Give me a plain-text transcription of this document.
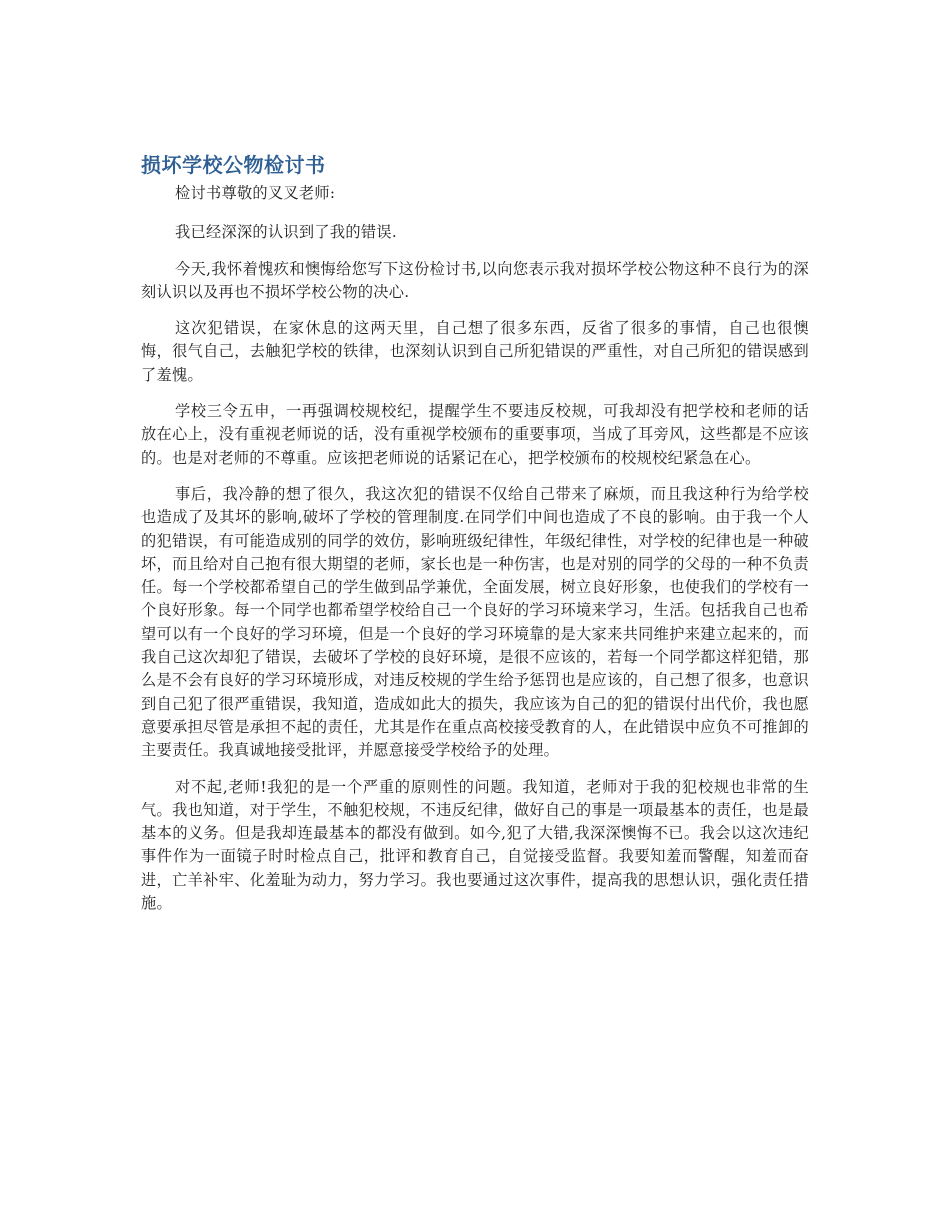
损坏学校公物检讨书

检讨书尊敬的叉叉老师:

我已经深深的认识到了我的错误.

今天,我怀着愧疚和懊悔给您写下这份检讨书,以向您表示我对损坏学校公物这种不良行为的深刻认识以及再也不损坏学校公物的决心.

这次犯错误，在家休息的这两天里，自己想了很多东西，反省了很多的事情，自己也很懊悔，很气自己，去触犯学校的铁律，也深刻认识到自己所犯错误的严重性，对自己所犯的错误感到了羞愧。

学校三令五申，一再强调校规校纪，提醒学生不要违反校规，可我却没有把学校和老师的话放在心上，没有重视老师说的话，没有重视学校颁布的重要事项，当成了耳旁风，这些都是不应该的。也是对老师的不尊重。应该把老师说的话紧记在心，把学校颁布的校规校纪紧急在心。

事后，我冷静的想了很久，我这次犯的错误不仅给自己带来了麻烦，而且我这种行为给学校也造成了及其坏的影响,破坏了学校的管理制度.在同学们中间也造成了不良的影响。由于我一个人的犯错误，有可能造成别的同学的效仿，影响班级纪律性，年级纪律性，对学校的纪律也是一种破坏，而且给对自己抱有很大期望的老师，家长也是一种伤害，也是对别的同学的父母的一种不负责任。每一个学校都希望自己的学生做到品学兼优，全面发展，树立良好形象，也使我们的学校有一个良好形象。每一个同学也都希望学校给自己一个良好的学习环境来学习，生活。包括我自己也希望可以有一个良好的学习环境，但是一个良好的学习环境靠的是大家来共同维护来建立起来的，而我自己这次却犯了错误，去破坏了学校的良好环境，是很不应该的，若每一个同学都这样犯错，那么是不会有良好的学习环境形成，对违反校规的学生给予惩罚也是应该的，自己想了很多，也意识到自己犯了很严重错误，我知道，造成如此大的损失，我应该为自己的犯的错误付出代价，我也愿意要承担尽管是承担不起的责任，尤其是作在重点高校接受教育的人，在此错误中应负不可推卸的主要责任。我真诚地接受批评，并愿意接受学校给予的处理。

对不起,老师!我犯的是一个严重的原则性的问题。我知道，老师对于我的犯校规也非常的生气。我也知道，对于学生，不触犯校规，不违反纪律，做好自己的事是一项最基本的责任，也是最基本的义务。但是我却连最基本的都没有做到。如今,犯了大错,我深深懊悔不已。我会以这次违纪事件作为一面镜子时时检点自己，批评和教育自己，自觉接受监督。我要知羞而警醒，知羞而奋进，亡羊补牢、化羞耻为动力，努力学习。我也要通过这次事件，提高我的思想认识，强化责任措施。
